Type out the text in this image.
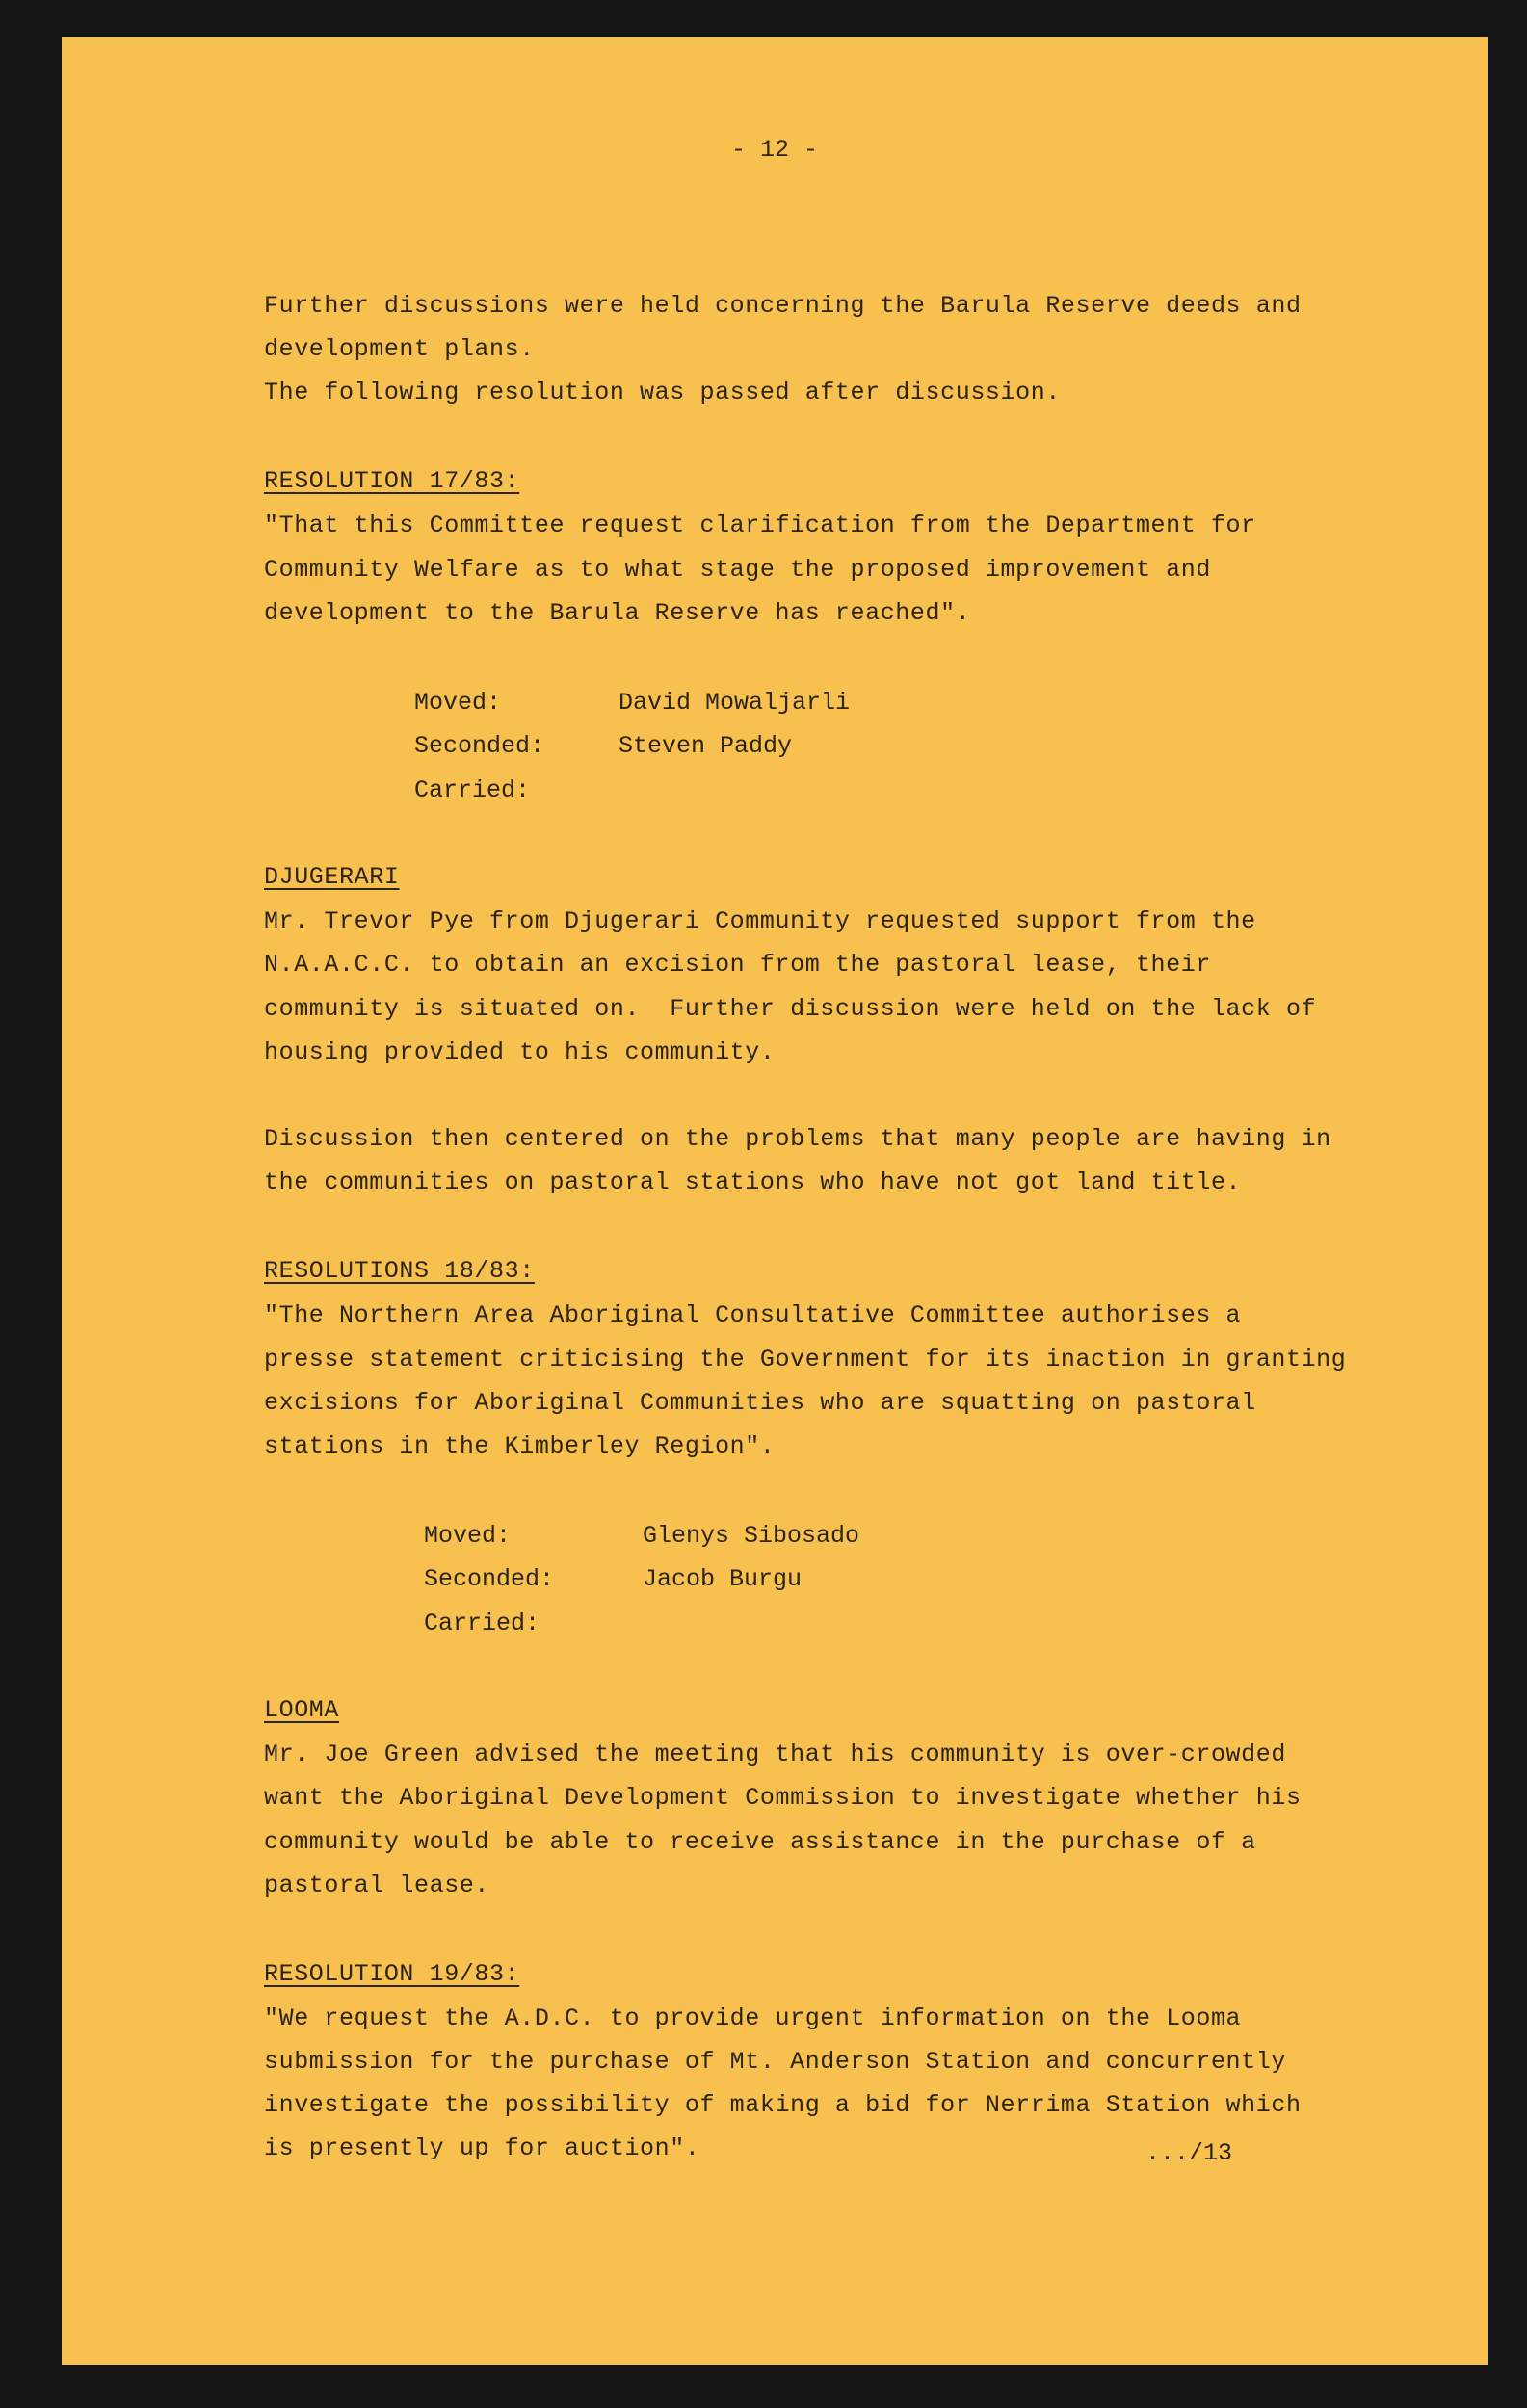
- 12 -
Further discussions were held concerning the Barula Reserve deeds and
development plans.
The following resolution was passed after discussion.
RESOLUTION 17/83:
"That this Committee request clarification from the Department for
Community Welfare as to what stage the proposed improvement and
development to the Barula Reserve has reached".
Moved:	David Mowaljarli
Seconded:	Steven Paddy
Carried:
DJUGERARI
Mr. Trevor Pye from Djugerari Community requested support from the
N.A.A.C.C. to obtain an excision from the pastoral lease, their
community is situated on.  Further discussion were held on the lack of
housing provided to his community.
Discussion then centered on the problems that many people are having in
the communities on pastoral stations who have not got land title.
RESOLUTIONS 18/83:
"The Northern Area Aboriginal Consultative Committee authorises a
presse statement criticising the Government for its inaction in granting
excisions for Aboriginal Communities who are squatting on pastoral
stations in the Kimberley Region".
Moved:	Glenys Sibosado
Seconded:	Jacob Burgu
Carried:
LOOMA
Mr. Joe Green advised the meeting that his community is over-crowded
want the Aboriginal Development Commission to investigate whether his
community would be able to receive assistance in the purchase of a
pastoral lease.
RESOLUTION 19/83:
"We request the A.D.C. to provide urgent information on the Looma
submission for the purchase of Mt. Anderson Station and concurrently
investigate the possibility of making a bid for Nerrima Station which
is presently up for auction".	.../13
